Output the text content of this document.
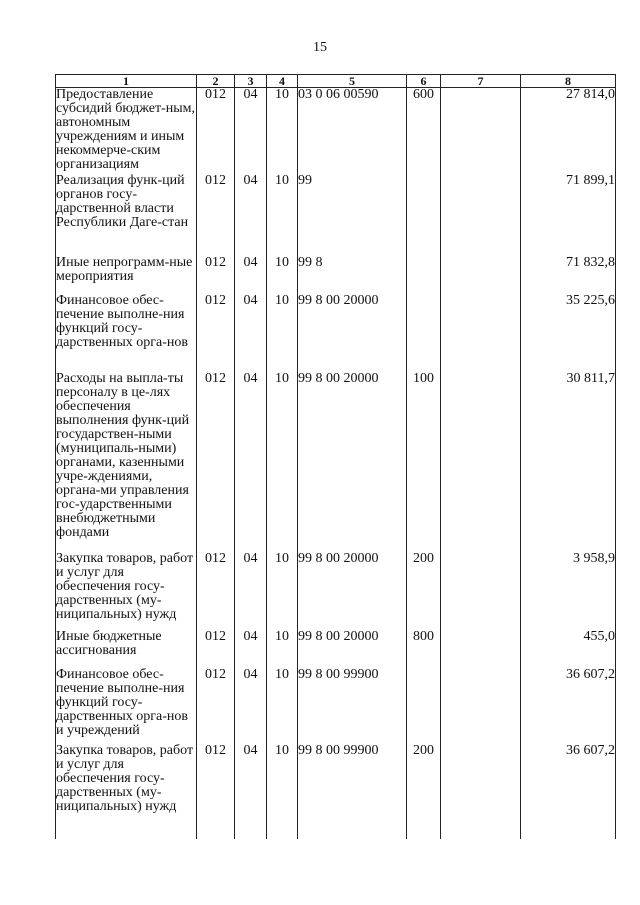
15
1	2	3	4	5	6	7	8
Предоставление субсидий бюджет-ным, автономным учреждениям и иным некоммерче-ским организациям	012	04	10	03 0 06 00590	600		27 814,0
Реализация функ-ций органов госу-дарственной власти Республики Даге-стан	012	04	10	99			71 899,1
Иные непрограмм-ные мероприятия	012	04	10	99 8			71 832,8
Финансовое обес-печение выполне-ния функций госу-дарственных орга-нов	012	04	10	99 8 00 20000			35 225,6
Расходы на выпла-ты персоналу в це-лях обеспечения выполнения функ-ций государствен-ными (муниципаль-ными) органами, казенными учре-ждениями, органа-ми управления гос-ударственными внебюджетными фондами	012	04	10	99 8 00 20000	100		30 811,7
Закупка товаров, работ и услуг для обеспечения госу-дарственных (му-ниципальных) нужд	012	04	10	99 8 00 20000	200		3 958,9
Иные бюджетные ассигнования	012	04	10	99 8 00 20000	800		455,0
Финансовое обес-печение выполне-ния функций госу-дарственных орга-нов и учреждений	012	04	10	99 8 00 99900			36 607,2
Закупка товаров, работ и услуг для обеспечения госу-дарственных (му-ниципальных) нужд	012	04	10	99 8 00 99900	200		36 607,2
